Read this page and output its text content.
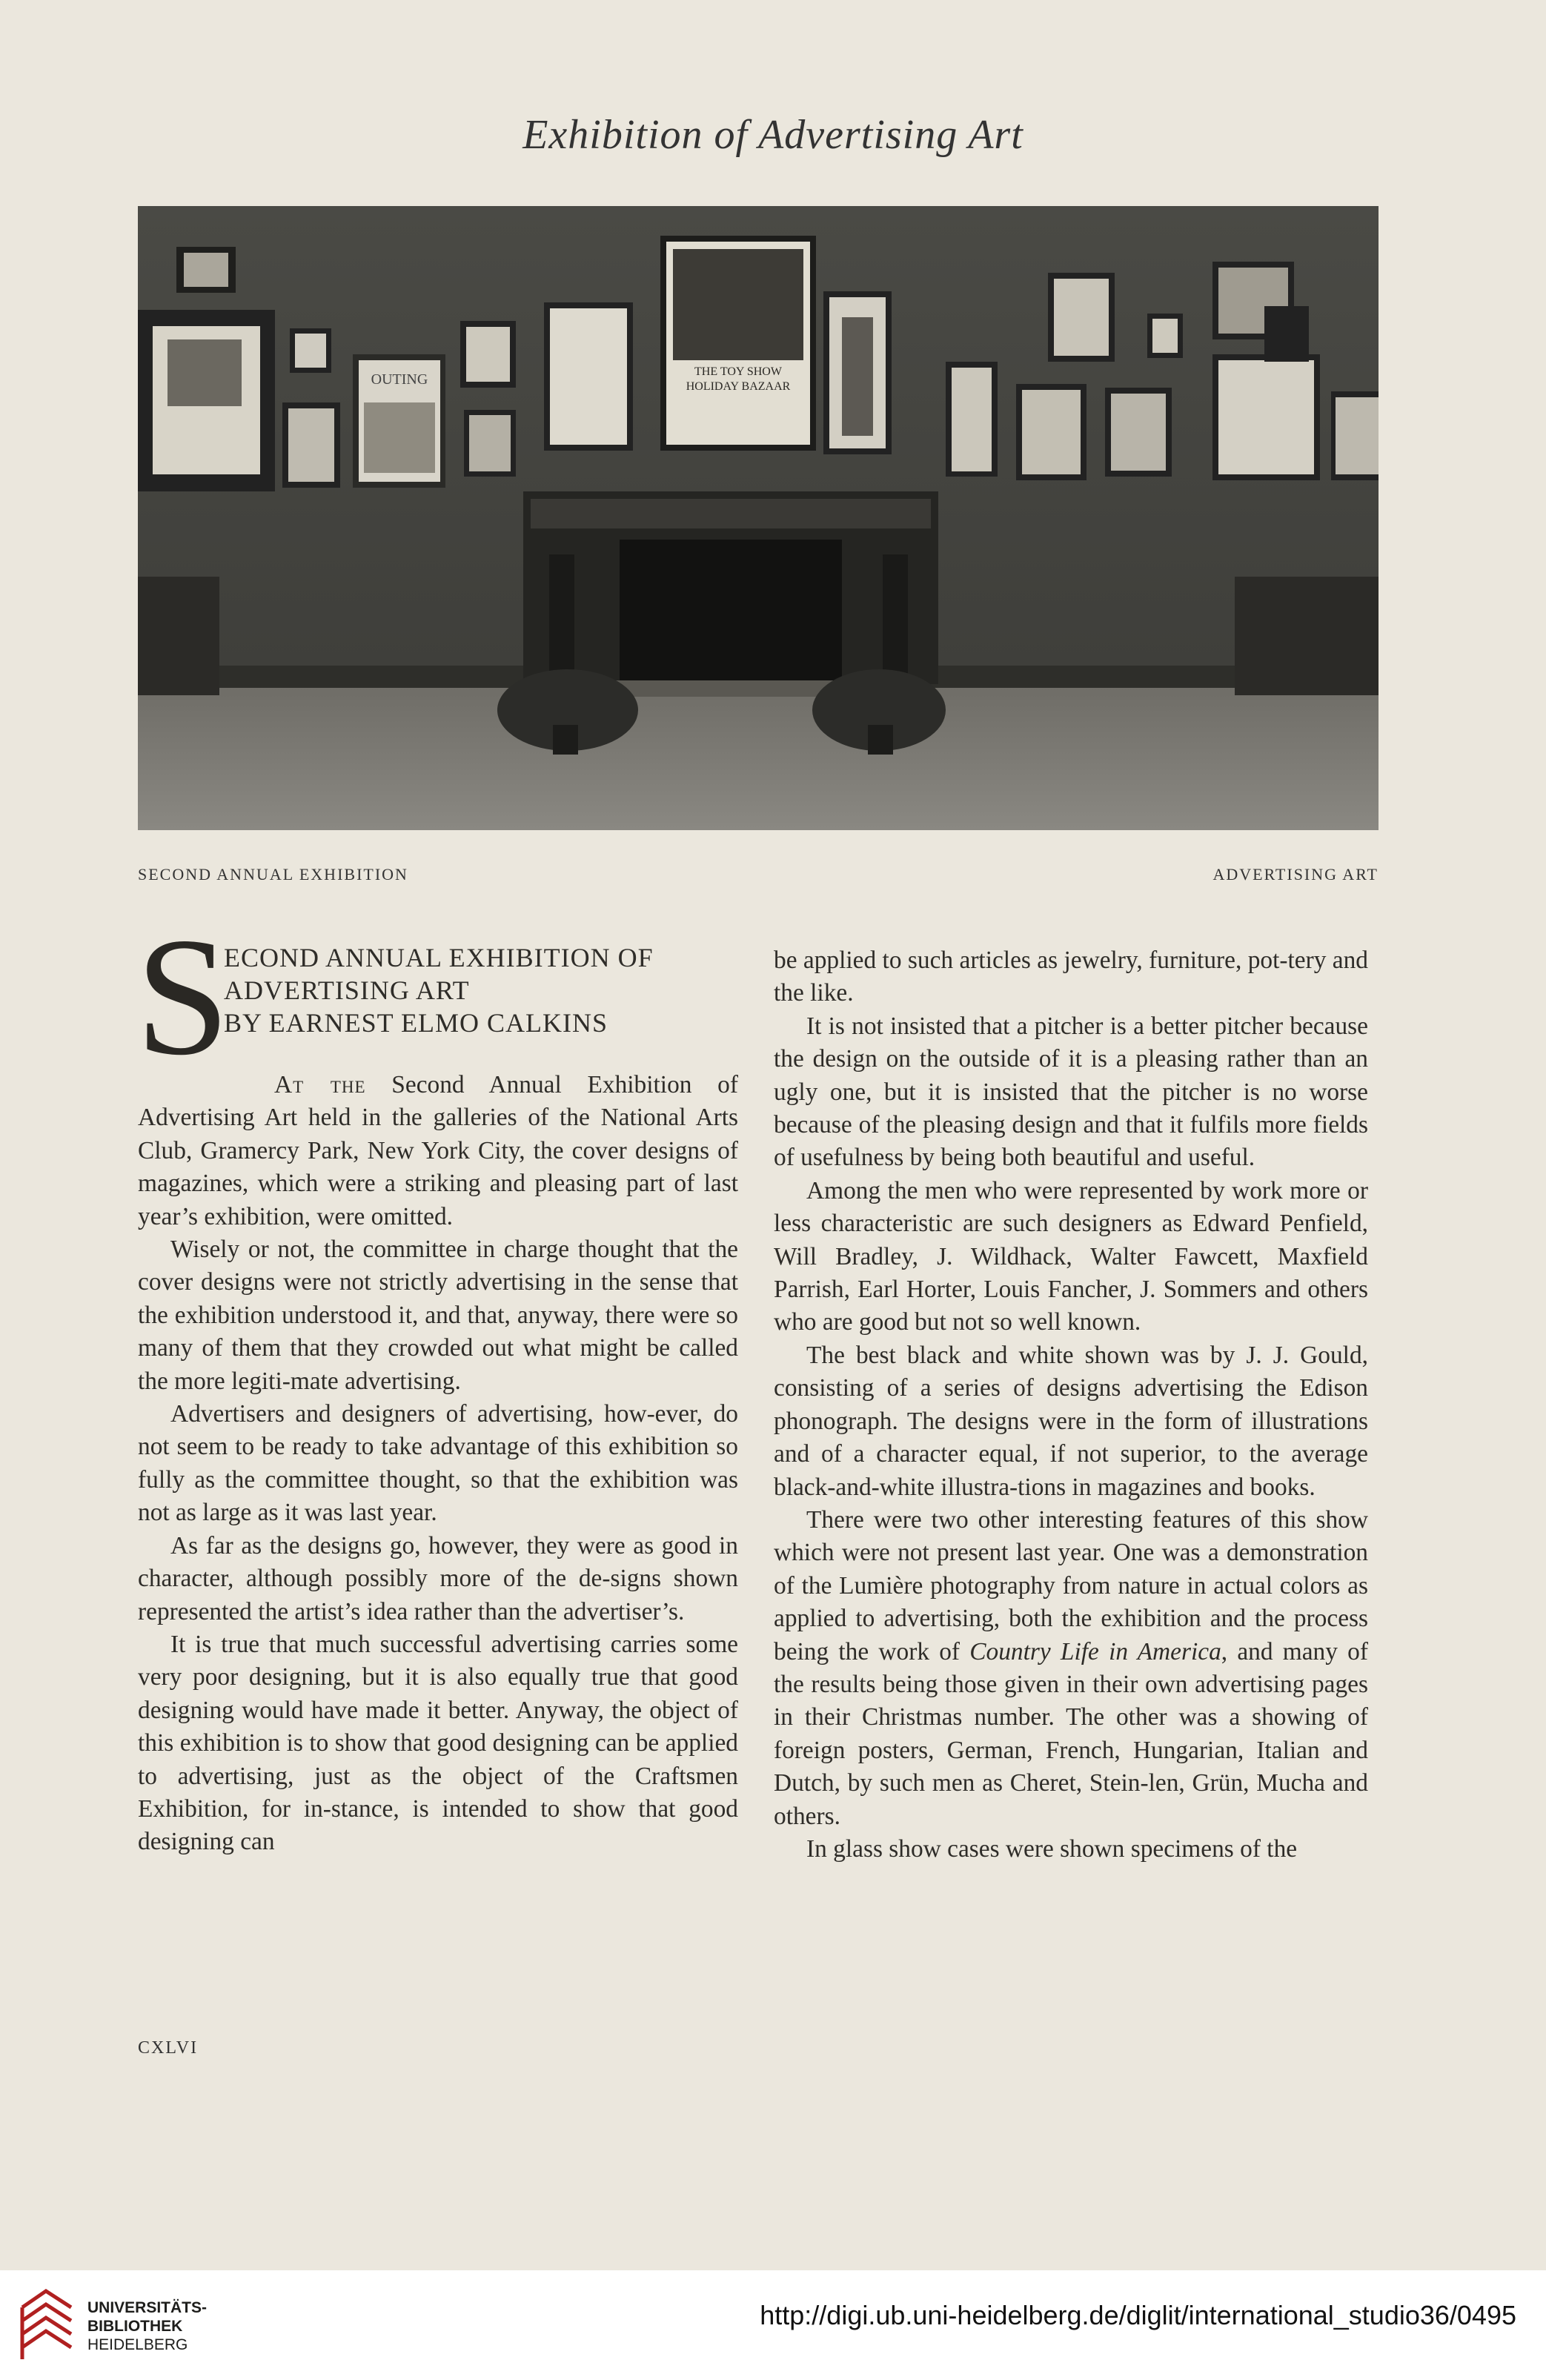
Exhibition of Advertising Art
OUTING	THE TOY SHOW
HOLIDAY BAZAAR
SECOND ANNUAL EXHIBITION	ADVERTISING ART
S
ECOND ANNUAL EXHIBITION OF
ADVERTISING ART
BY EARNEST ELMO CALKINS

At the Second Annual Exhibition of Advertising Art held in the galleries of the National Arts Club, Gramercy Park, New York City, the cover designs of magazines, which were a striking and pleasing part of last year’s exhibition, were omitted.

Wisely or not, the committee in charge thought that the cover designs were not strictly advertising in the sense that the exhibition understood it, and that, anyway, there were so many of them that they crowded out what might be called the more legiti-mate advertising.

Advertisers and designers of advertising, how-ever, do not seem to be ready to take advantage of this exhibition so fully as the committee thought, so that the exhibition was not as large as it was last year.

As far as the designs go, however, they were as good in character, although possibly more of the de-signs shown represented the artist’s idea rather than the advertiser’s.

It is true that much successful advertising carries some very poor designing, but it is also equally true that good designing would have made it better. Anyway, the object of this exhibition is to show that good designing can be applied to advertising, just as the object of the Craftsmen Exhibition, for in-stance, is intended to show that good designing can

be applied to such articles as jewelry, furniture, pot-tery and the like.

It is not insisted that a pitcher is a better pitcher because the design on the outside of it is a pleasing rather than an ugly one, but it is insisted that the pitcher is no worse because of the pleasing design and that it fulfils more fields of usefulness by being both beautiful and useful.

Among the men who were represented by work more or less characteristic are such designers as Edward Penfield, Will Bradley, J. Wildhack, Walter Fawcett, Maxfield Parrish, Earl Horter, Louis Fancher, J. Sommers and others who are good but not so well known.

The best black and white shown was by J. J. Gould, consisting of a series of designs advertising the Edison phonograph. The designs were in the form of illustrations and of a character equal, if not superior, to the average black-and-white illustra-tions in magazines and books.

There were two other interesting features of this show which were not present last year. One was a demonstration of the Lumière photography from nature in actual colors as applied to advertising, both the exhibition and the process being the work of Country Life in America, and many of the results being those given in their own advertising pages in their Christmas number. The other was a showing of foreign posters, German, French, Hungarian, Italian and Dutch, by such men as Cheret, Stein-len, Grün, Mucha and others.

In glass show cases were shown specimens of the

CXLVI
UNIVERSITÄTS-
BIBLIOTHEK
HEIDELBERG
http://digi.ub.uni-heidelberg.de/diglit/international_studio36/0495
